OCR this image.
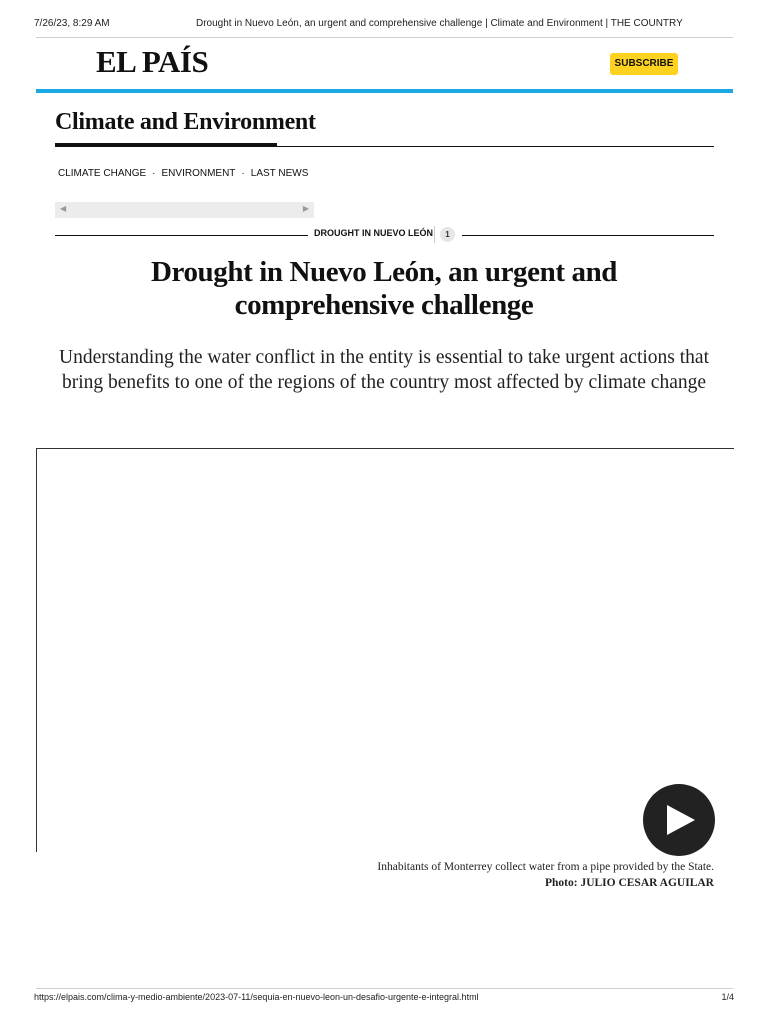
7/26/23, 8:29 AM	Drought in Nuevo León, an urgent and comprehensive challenge | Climate and Environment | THE COUNTRY
EL PAÍS	SUBSCRIBE
Climate and Environment
CLIMATE CHANGE · ENVIRONMENT · LAST NEWS
◀	▶
DROUGHT IN NUEVO LEÓN	1
Drought in Nuevo León, an urgent and comprehensive challenge

Understanding the water conflict in the entity is essential to take urgent actions that bring benefits to one of the regions of the country most affected by climate change

Inhabitants of Monterrey collect water from a pipe provided by the State.
Photo: JULIO CESAR AGUILAR
https://elpais.com/clima-y-medio-ambiente/2023-07-11/sequia-en-nuevo-leon-un-desafio-urgente-e-integral.html	1/4
